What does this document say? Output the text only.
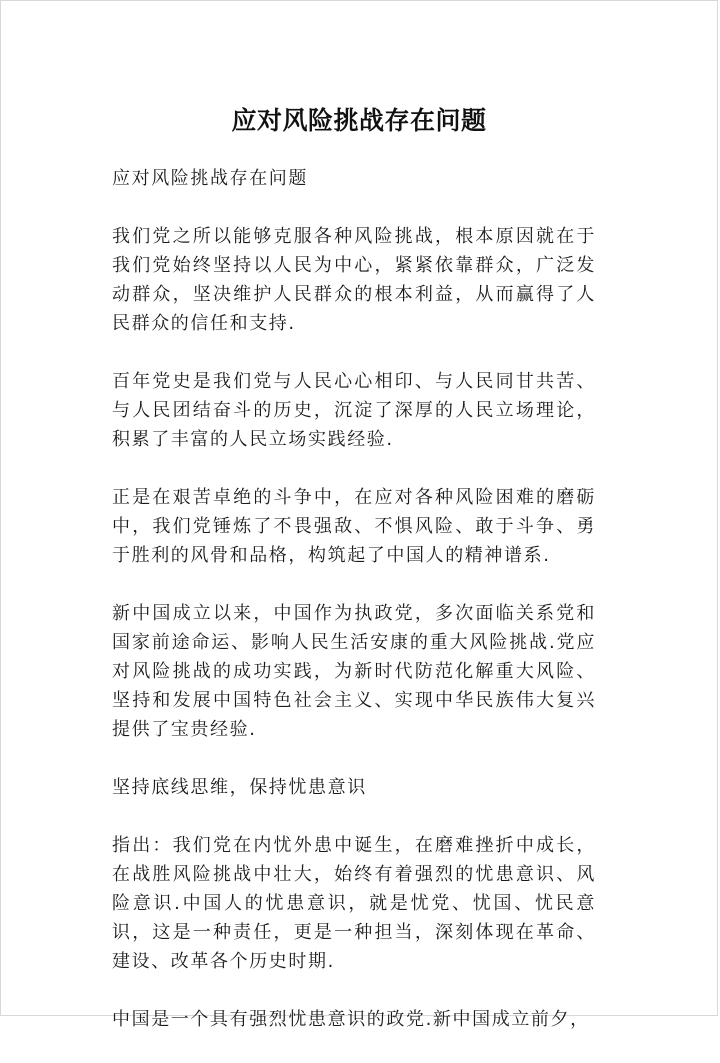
应对风险挑战存在问题

应对风险挑战存在问题

我们党之所以能够克服各种风险挑战，根本原因就在于我们党始终坚持以人民为中心，紧紧依靠群众，广泛发动群众，坚决维护人民群众的根本利益，从而赢得了人民群众的信任和支持.

百年党史是我们党与人民心心相印、与人民同甘共苦、与人民团结奋斗的历史，沉淀了深厚的人民立场理论，积累了丰富的人民立场实践经验.

正是在艰苦卓绝的斗争中，在应对各种风险困难的磨砺中，我们党锤炼了不畏强敌、不惧风险、敢于斗争、勇于胜利的风骨和品格，构筑起了中国人的精神谱系.

新中国成立以来，中国作为执政党，多次面临关系党和国家前途命运、影响人民生活安康的重大风险挑战.党应对风险挑战的成功实践，为新时代防范化解重大风险、坚持和发展中国特色社会主义、实现中华民族伟大复兴提供了宝贵经验.

坚持底线思维，保持忧患意识

指出：我们党在内忧外患中诞生，在磨难挫折中成长，在战胜风险挑战中壮大，始终有着强烈的忧患意识、风险意识.中国人的忧患意识，就是忧党、忧国、忧民意识，这是一种责任，更是一种担当，深刻体现在革命、建设、改革各个历史时期.

中国是一个具有强烈忧患意识的政党.新中国成立前夕，
